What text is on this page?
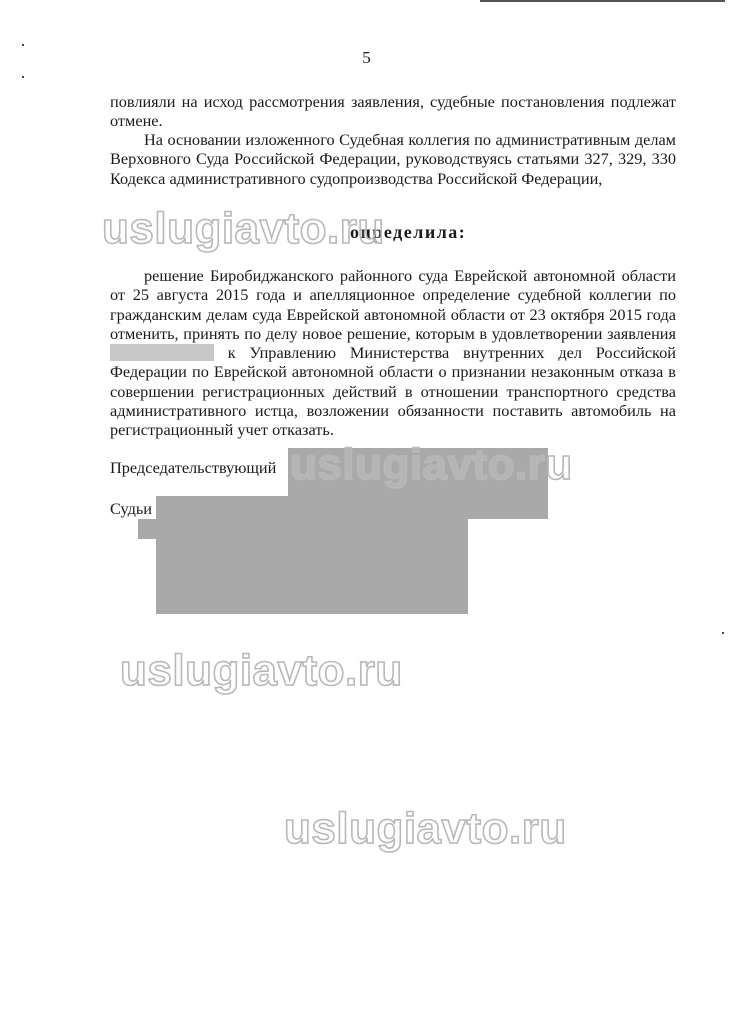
5

повлияли на исход рассмотрения заявления, судебные постановления подлежат отмене.

На основании изложенного Судебная коллегия по административным делам Верховного Суда Российской Федерации, руководствуясь статьями 327, 329, 330 Кодекса административного судопроизводства Российской Федерации,

определила:

решение Биробиджанского районного суда Еврейской автономной области от 25 августа 2015 года и апелляционное определение судебной коллегии по гражданским делам суда Еврейской автономной области от 23 октября 2015 года отменить, принять по делу новое решение, которым в удовлетворении заявления  к Управлению Министерства внутренних дел Российской Федерации по Еврейской автономной области о признании незаконным отказа в совершении регистрационных действий в отношении транспортного средства административного истца, возложении обязанности поставить автомобиль на регистрационный учет отказать.

Председательствующий
Судьи
uslugiavto.ru
uslugiavto.ru
uslugiavto.ru
uslugiavto.ru
